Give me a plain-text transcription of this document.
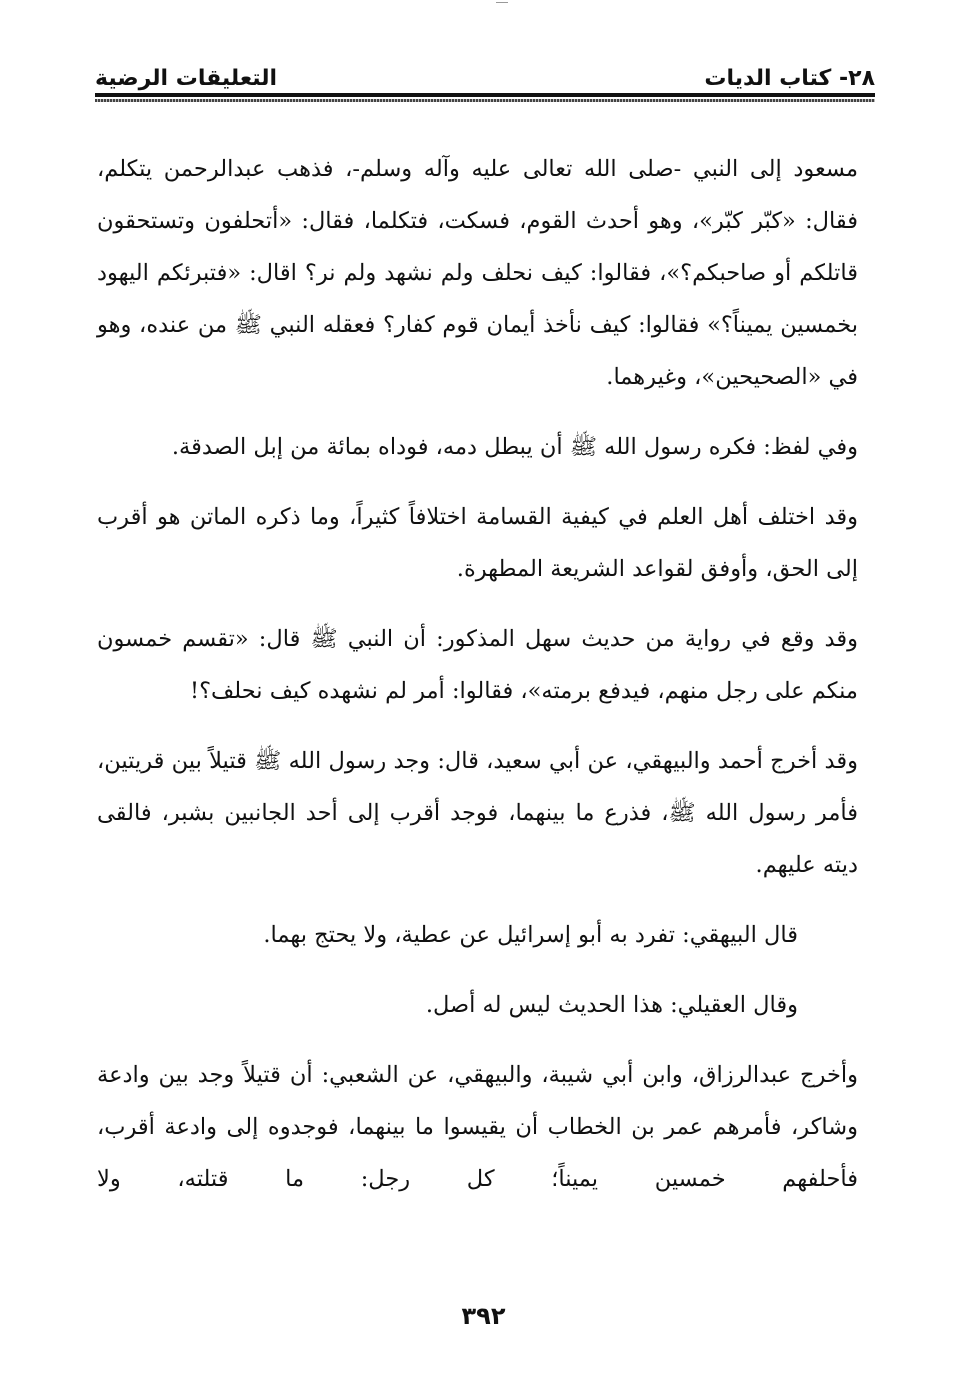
٢٨- كتاب الديات
التعليقات الرضية

مسعود إلى النبي -صلى الله تعالى عليه وآله وسلم-، فذهب عبدالرحمن يتكلم، فقال: «كبّر كبّر»، وهو أحدث القوم، فسكت، فتكلما، فقال: «أتحلفون وتستحقون قاتلكم أو صاحبكم؟»، فقالوا: كيف نحلف ولم نشهد ولم نر؟ اقال: «فتبرئكم اليهود بخمسين يميناً؟» فقالوا: كيف نأخذ أيمان قوم كفار؟ فعقله النبي ﷺ من عنده، وهو في «الصحيحين»، وغيرهما.

وفي لفظ: فكره رسول الله ﷺ أن يبطل دمه، فوداه بمائة من إبل الصدقة.

وقد اختلف أهل العلم في كيفية القسامة اختلافاً كثيراً، وما ذكره الماتن هو أقرب إلى الحق، وأوفق لقواعد الشريعة المطهرة.

وقد وقع في رواية من حديث سهل المذكور: أن النبي ﷺ قال: «تقسم خمسون منكم على رجل منهم، فيدفع برمته»، فقالوا: أمر لم نشهده كيف نحلف؟!

وقد أخرج أحمد والبيهقي، عن أبي سعيد، قال: وجد رسول الله ﷺ قتيلاً بين قريتين، فأمر رسول الله ﷺ، فذرع ما بينهما، فوجد أقرب إلى أحد الجانبين بشبر، فالقى ديته عليهم.

قال البيهقي: تفرد به أبو إسرائيل عن عطية، ولا يحتج بهما.

وقال العقيلي: هذا الحديث ليس له أصل.

وأخرج عبدالرزاق، وابن أبي شيبة، والبيهقي، عن الشعبي: أن قتيلاً وجد بين وادعة وشاكر، فأمرهم عمر بن الخطاب أن يقيسوا ما بينهما، فوجدوه إلى وادعة أقرب، فأحلفهم خمسين يميناً؛ كل رجل: ما قتلته، ولا

٣٩٢
